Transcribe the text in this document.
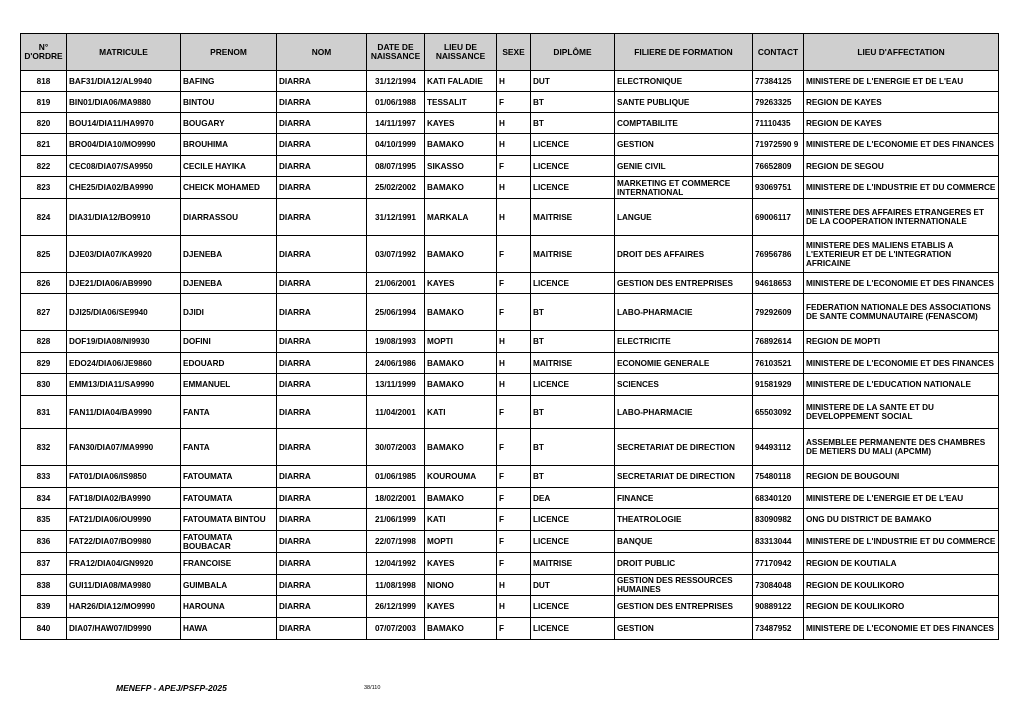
N° D'ORDRE	MATRICULE	PRENOM	NOM	DATE DE NAISSANCE	LIEU DE NAISSANCE	SEXE	DIPLÔME	FILIERE DE FORMATION	CONTACT	LIEU D'AFFECTATION
818	BAF31/DIA12/AL9940	BAFING	DIARRA	31/12/1994	KATI FALADIE	H	DUT	ELECTRONIQUE	77384125	MINISTERE DE L'ENERGIE ET DE L'EAU
819	BIN01/DIA06/MA9880	BINTOU	DIARRA	01/06/1988	TESSALIT	F	BT	SANTE PUBLIQUE	79263325	REGION DE KAYES
820	BOU14/DIA11/HA9970	BOUGARY	DIARRA	14/11/1997	KAYES	H	BT	COMPTABILITE	71110435	REGION DE KAYES
821	BRO04/DIA10/MO9990	BROUHIMA	DIARRA	04/10/1999	BAMAKO	H	LICENCE	GESTION	71972590 9	MINISTERE DE L'ECONOMIE ET DES FINANCES
822	CEC08/DIA07/SA9950	CECILE HAYIKA	DIARRA	08/07/1995	SIKASSO	F	LICENCE	GENIE CIVIL	76652809	REGION DE SEGOU
823	CHE25/DIA02/BA9990	CHEICK MOHAMED	DIARRA	25/02/2002	BAMAKO	H	LICENCE	MARKETING ET COMMERCE INTERNATIONAL	93069751	MINISTERE DE L'INDUSTRIE ET DU COMMERCE
824	DIA31/DIA12/BO9910	DIARRASSOU	DIARRA	31/12/1991	MARKALA	H	MAITRISE	LANGUE	69006117	MINISTERE DES AFFAIRES ETRANGERES ET DE LA COOPERATION INTERNATIONALE
825	DJE03/DIA07/KA9920	DJENEBA	DIARRA	03/07/1992	BAMAKO	F	MAITRISE	DROIT DES AFFAIRES	76956786	MINISTERE DES MALIENS ETABLIS A L'EXTERIEUR ET DE L'INTEGRATION AFRICAINE
826	DJE21/DIA06/AB9990	DJENEBA	DIARRA	21/06/2001	KAYES	F	LICENCE	GESTION DES ENTREPRISES	94618653	MINISTERE DE L'ECONOMIE ET DES FINANCES
827	DJI25/DIA06/SE9940	DJIDI	DIARRA	25/06/1994	BAMAKO	F	BT	LABO-PHARMACIE	79292609	FEDERATION NATIONALE DES ASSOCIATIONS DE SANTE COMMUNAUTAIRE (FENASCOM)
828	DOF19/DIA08/NI9930	DOFINI	DIARRA	19/08/1993	MOPTI	H	BT	ELECTRICITE	76892614	REGION DE MOPTI
829	EDO24/DIA06/JE9860	EDOUARD	DIARRA	24/06/1986	BAMAKO	H	MAITRISE	ECONOMIE GENERALE	76103521	MINISTERE DE L'ECONOMIE ET DES FINANCES
830	EMM13/DIA11/SA9990	EMMANUEL	DIARRA	13/11/1999	BAMAKO	H	LICENCE	SCIENCES	91581929	MINISTERE DE L'EDUCATION NATIONALE
831	FAN11/DIA04/BA9990	FANTA	DIARRA	11/04/2001	KATI	F	BT	LABO-PHARMACIE	65503092	MINISTERE DE LA SANTE ET DU DEVELOPPEMENT SOCIAL
832	FAN30/DIA07/MA9990	FANTA	DIARRA	30/07/2003	BAMAKO	F	BT	SECRETARIAT DE DIRECTION	94493112	ASSEMBLEE PERMANENTE DES CHAMBRES DE METIERS DU MALI (APCMM)
833	FAT01/DIA06/IS9850	FATOUMATA	DIARRA	01/06/1985	KOUROUMA	F	BT	SECRETARIAT DE DIRECTION	75480118	REGION DE BOUGOUNI
834	FAT18/DIA02/BA9990	FATOUMATA	DIARRA	18/02/2001	BAMAKO	F	DEA	FINANCE	68340120	MINISTERE DE L'ENERGIE ET DE L'EAU
835	FAT21/DIA06/OU9990	FATOUMATA BINTOU	DIARRA	21/06/1999	KATI	F	LICENCE	THEATROLOGIE	83090982	ONG DU DISTRICT DE BAMAKO
836	FAT22/DIA07/BO9980	FATOUMATA BOUBACAR	DIARRA	22/07/1998	MOPTI	F	LICENCE	BANQUE	83313044	MINISTERE DE L'INDUSTRIE ET DU COMMERCE
837	FRA12/DIA04/GN9920	FRANCOISE	DIARRA	12/04/1992	KAYES	F	MAITRISE	DROIT PUBLIC	77170942	REGION DE KOUTIALA
838	GUI11/DIA08/MA9980	GUIMBALA	DIARRA	11/08/1998	NIONO	H	DUT	GESTION DES RESSOURCES HUMAINES	73084048	REGION DE KOULIKORO
839	HAR26/DIA12/MO9990	HAROUNA	DIARRA	26/12/1999	KAYES	H	LICENCE	GESTION DES ENTREPRISES	90889122	REGION DE KOULIKORO
840	DIA07/HAW07/ID9990	HAWA	DIARRA	07/07/2003	BAMAKO	F	LICENCE	GESTION	73487952	MINISTERE DE L'ECONOMIE ET DES FINANCES
MENEFP - APEJ/PSFP-2025	38/110
